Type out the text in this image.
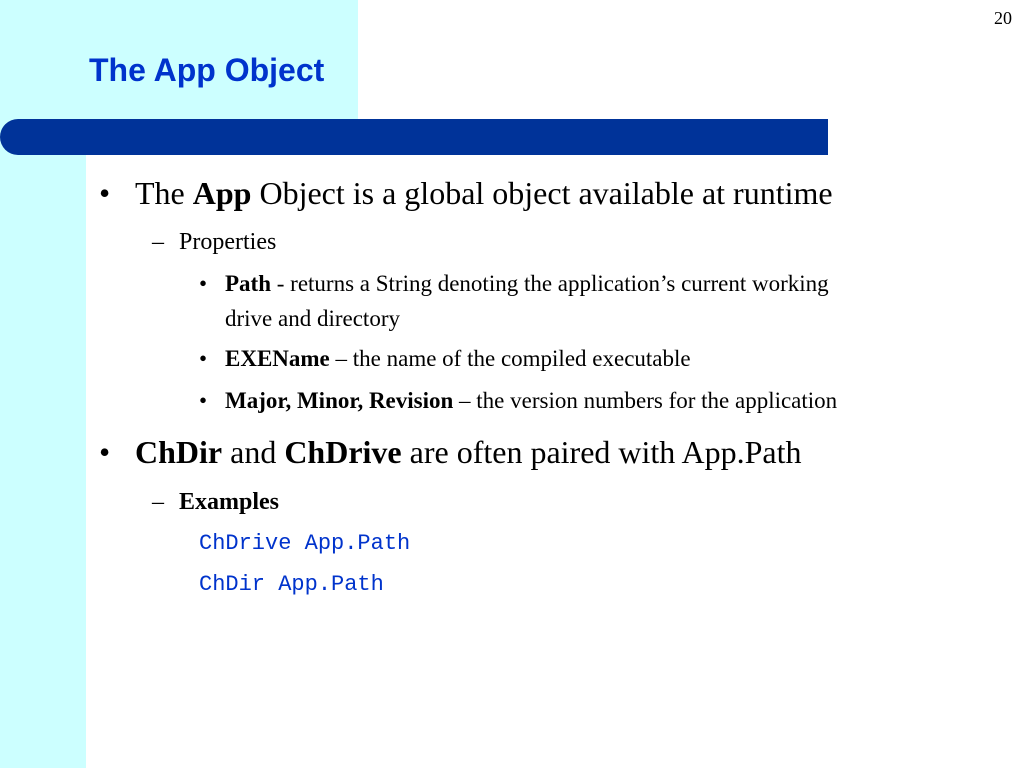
20
The App Object
• The App Object is a global object available at runtime
– Properties
• Path - returns a String denoting the application’s current working
drive and directory
• EXEName – the name of the compiled executable
• Major, Minor, Revision – the version numbers for the application
• ChDir and ChDrive are often paired with App.Path
– Examples
ChDrive App.Path
ChDir App.Path
